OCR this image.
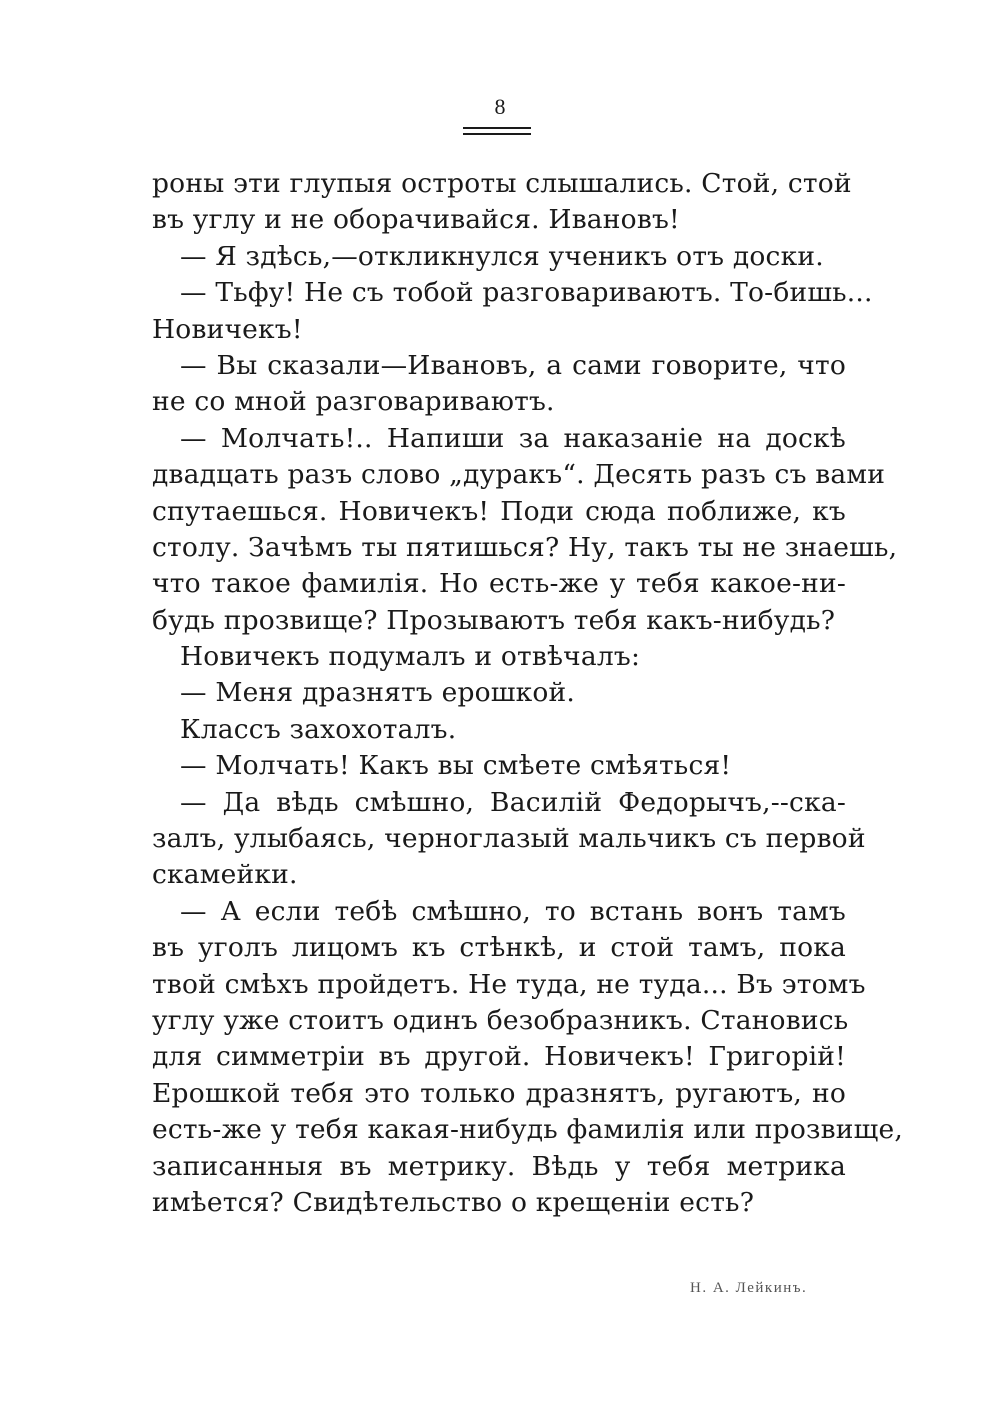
8
роны эти глупыя остроты слышались. Стой, стой
въ углу и не оборачивайся. Ивановъ!
— Я здѣсь,—откликнулся ученикъ отъ доски.
— Тьфу! Не съ тобой разговариваютъ. То-бишь...
Новичекъ!
— Вы сказали—Ивановъ, а сами говорите, что
не со мной разговариваютъ.
— Молчать!.. Напиши за наказаніе на доскѣ
двадцать разъ слово „дуракъ“. Десять разъ съ вами
спутаешься. Новичекъ! Поди сюда поближе, къ
столу. Зачѣмъ ты пятишься? Ну, такъ ты не знаешь,
что такое фамилія. Но есть-же у тебя какое-ни-
будь прозвище? Прозываютъ тебя какъ-нибудь?
Новичекъ подумалъ и отвѣчалъ:
— Меня дразнятъ ерошкой.
Классъ захохоталъ.
— Молчать! Какъ вы смѣете смѣяться!
— Да вѣдь смѣшно, Василій Федорычъ,--ска-
залъ, улыбаясь, черноглазый мальчикъ съ первой
скамейки.
— А если тебѣ смѣшно, то встань вонъ тамъ
въ уголъ лицомъ къ стѣнкѣ, и стой тамъ, пока
твой смѣхъ пройдетъ. Не туда, не туда... Въ этомъ
углу уже стоитъ одинъ безобразникъ. Становись
для симметріи въ другой. Новичекъ! Григорій!
Ерошкой тебя это только дразнятъ, ругаютъ, но
есть-же у тебя какая-нибудь фамилія или прозвище,
записанныя въ метрику. Вѣдь у тебя метрика
имѣется? Свидѣтельство о крещеніи есть?
Н. А. Лейкинъ.
